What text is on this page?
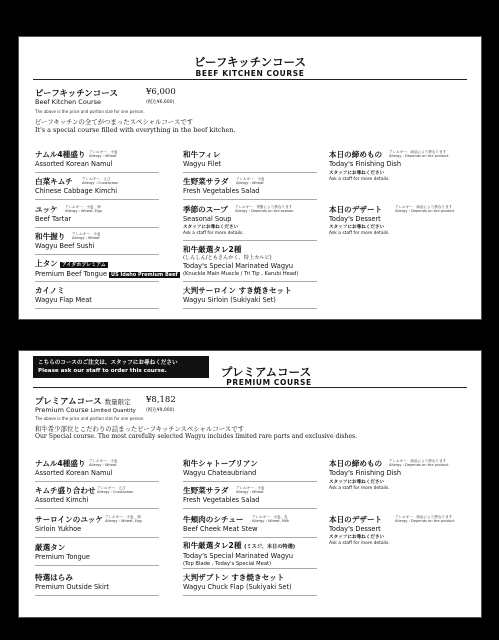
ビーフキッチンコース
BEEF KITCHEN COURSE
ビーフキッチンコース
Beef Kitchen Course
¥6,000
(税込¥6,600)
The above is the price and portion size for one person.
ビーフキッチンの全てがつまったスペシャルコースです
It's a special course filled with everything in the beef kitchen.
ナムル4種盛り アレルギー：小麦
Allergy : Wheat
Assorted Korean Namul
白菜キムチ	アレルギー：えび
Allergy : Crustacean
Chinese Cabbage Kimchi
ユッケ	アレルギー：小麦、卵
Allergy : Wheat, Egg
Beef Tartar
和牛握り	アレルギー：小麦
Allergy : Wheat
Wagyu Beef Sushi
上タン アイダホプレミアム
Premium Beef Tongue US Idaho Premium Beef
カイノミ
Wagyu Flap Meat
和牛フィレ
Wagyu Filet
生野菜サラダ	アレルギー：小麦
Allergy : Wheat
Fresh Vegetables Salad
季節のスープ	アレルギー：季節により異なります
Allergy : Depends on the season.
Seasonal Soup
スタッフにお尋ねください
Ask a staff for more details.
和牛厳選タレ2種
(しんしん/ともさんかく、特上カルビ)
Today's Special Marinated Wagyu
(Knuckle Main Muscle / Tri Tip , Karubi Head)
大判サーロイン すき焼きセット
Wagyu Sirloin (Sukiyaki Set)
本日の締めもの	アレルギー：商品により異なります
Allergy : Depends on the product
Today's Finishing Dish
スタッフにお尋ねください
Ask a staff for more details.
本日のデザート	アレルギー：商品により異なります
Allergy : Depends on the product
Today's Dessert
スタッフにお尋ねください
Ask a staff for more details.
こちらのコースのご注文は、スタッフにお尋ねください
Please ask our staff to order this course.	プレミアムコース
PREMIUM COURSE
プレミアムコース 数量限定
Premium Course Limited Quantity
¥8,182
(税込¥9,000)
The above is the price and portion size for one person.
和牛希少部位とこだわりの詰まったビーフキッチンスペシャルコースです
Our Special course. The most carefully selected Wagyu includes limited rare parts and exclusive dishes.
ナムル4種盛り アレルギー：小麦
Allergy : Wheat
Assorted Korean Namul
キムチ盛り合わせ アレルギー：えび
Allergy : Crustacean
Assorted Kimchi
サーロインのユッケ アレルギー：小麦、卵
Allergy : Wheat, Egg
Sirloin Yukhoe
厳選タン
Premium Tongue
特選はらみ
Premium Outside Skirt
和牛シャトーブリアン
Wagyu Chateaubriand
生野菜サラダ	アレルギー：小麦
Allergy : Wheat
Fresh Vegetables Salad
牛頬肉のシチュー	アレルギー：小麦、乳
Allergy : Wheat, Milk
Beef Cheek Meat Stew
和牛厳選タレ2種 (ミスジ、本日の特選)
Today's Special Marinated Wagyu
(Top Blade , Today's Special Meat)
大判ザブトン すき焼きセット
Wagyu Chuck Flap (Sukiyaki Set)
本日の締めもの	アレルギー：商品により異なります
Allergy : Depends on the product
Today's Finishing Dish
スタッフにお尋ねください
Ask a staff for more details.
本日のデザート	アレルギー：商品により異なります
Allergy : Depends on the product
Today's Dessert
スタッフにお尋ねください
Ask a staff for more details.
